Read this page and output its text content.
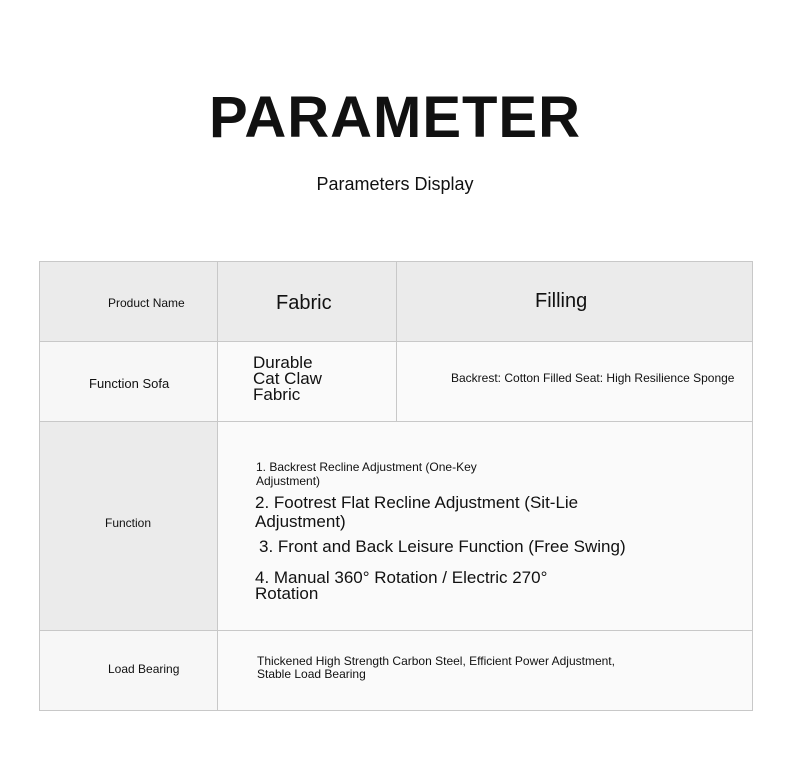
PARAMETER
Parameters Display
Product Name	Fabric	Filling
Function Sofa
Durable
Cat Claw
Fabric
Backrest: Cotton Filled Seat: High Resilience Sponge
Function
1. Backrest Recline Adjustment (One-Key
Adjustment)
2. Footrest Flat Recline Adjustment (Sit-Lie
Adjustment)
3. Front and Back Leisure Function (Free Swing)
4. Manual 360° Rotation / Electric 270°
Rotation
Load Bearing
Thickened High Strength Carbon Steel, Efficient Power Adjustment,
Stable Load Bearing
